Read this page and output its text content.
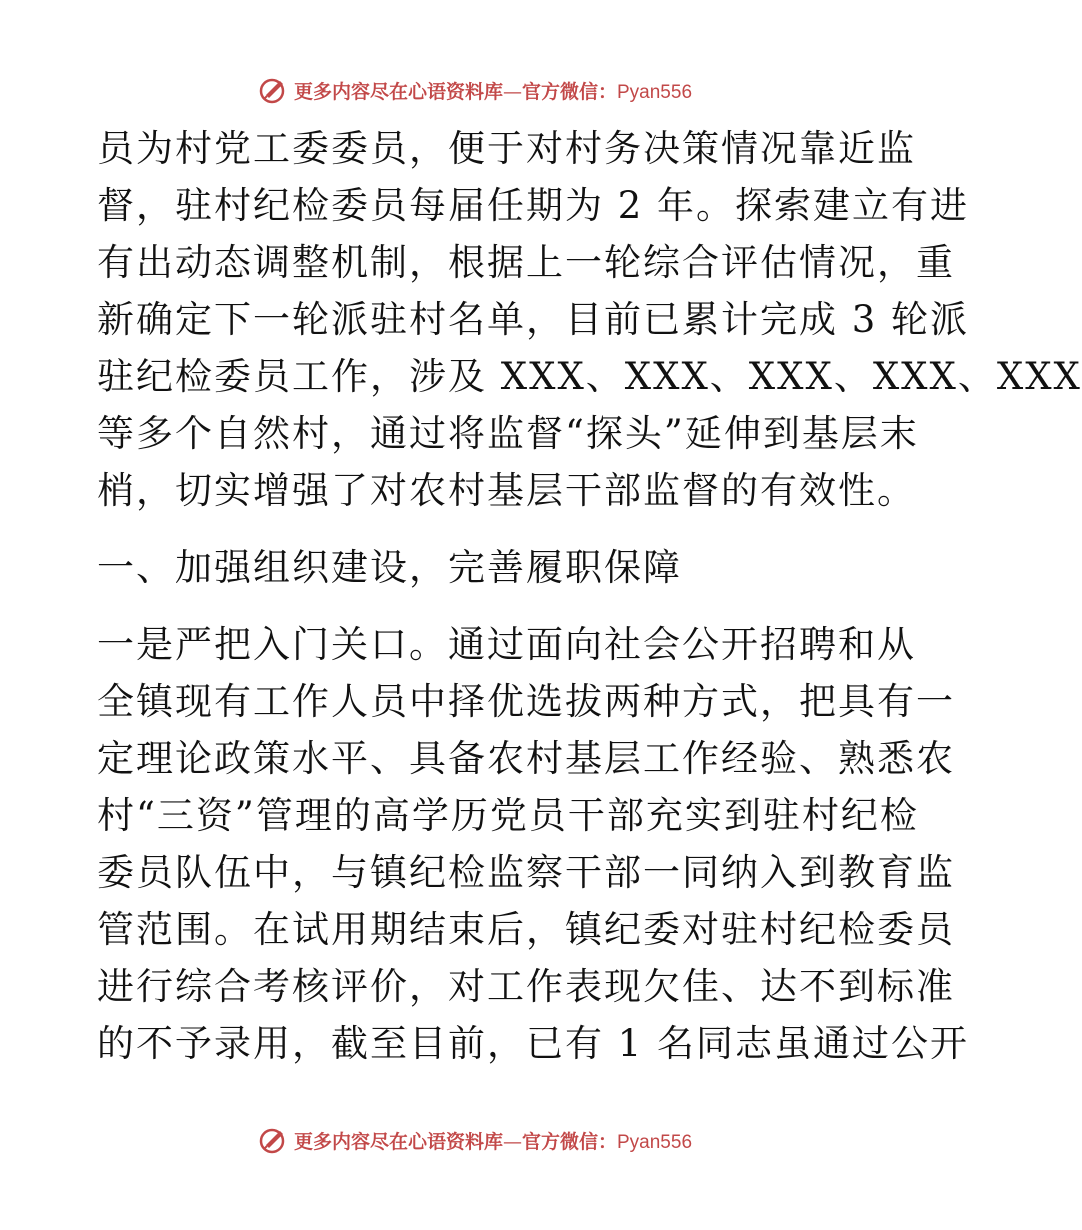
更多内容尽在心语资料库—官方微信：Pyan556
员为村党工委委员，便于对村务决策情况靠近监
督，驻村纪检委员每届任期为 2 年。探索建立有进
有出动态调整机制，根据上一轮综合评估情况，重
新确定下一轮派驻村名单，目前已累计完成 3 轮派
驻纪检委员工作，涉及 XXX、XXX、XXX、XXX、XXX
等多个自然村，通过将监督“探头”延伸到基层末
梢，切实增强了对农村基层干部监督的有效性。
一、加强组织建设，完善履职保障
一是严把入门关口。通过面向社会公开招聘和从
全镇现有工作人员中择优选拔两种方式，把具有一
定理论政策水平、具备农村基层工作经验、熟悉农
村“三资”管理的高学历党员干部充实到驻村纪检
委员队伍中，与镇纪检监察干部一同纳入到教育监
管范围。在试用期结束后，镇纪委对驻村纪检委员
进行综合考核评价，对工作表现欠佳、达不到标准
的不予录用，截至目前，已有 1 名同志虽通过公开
更多内容尽在心语资料库—官方微信：Pyan556
